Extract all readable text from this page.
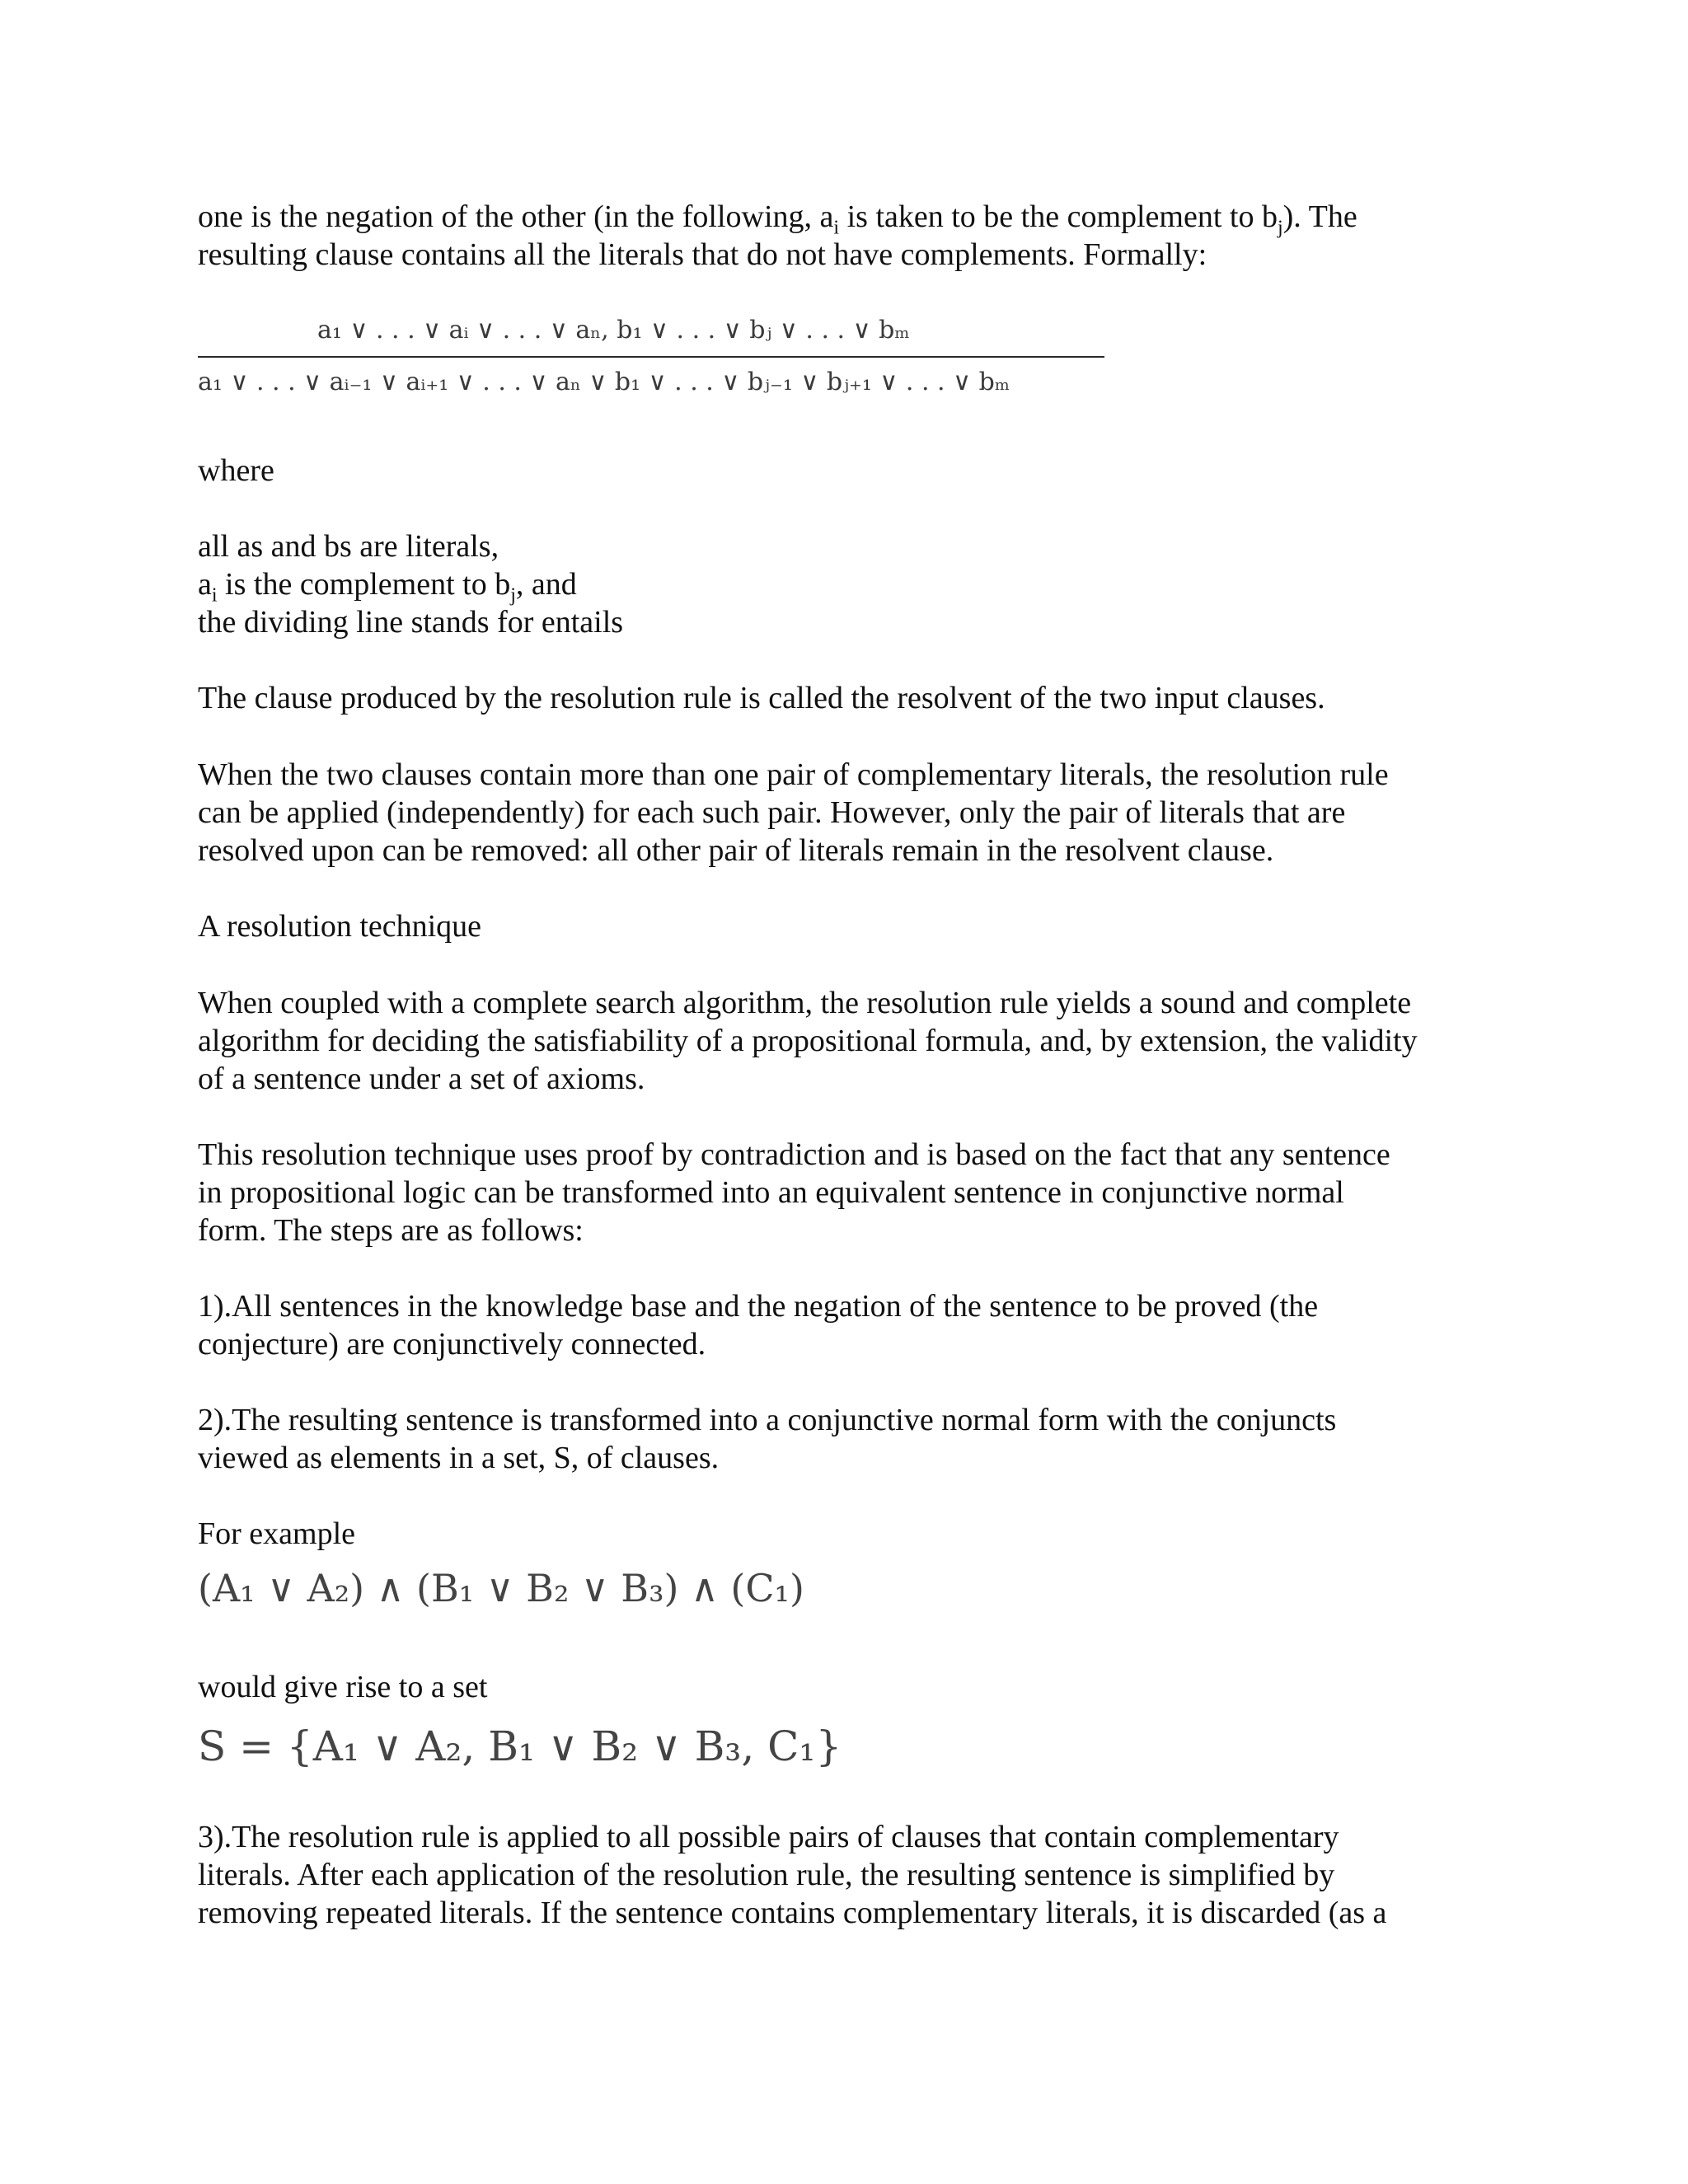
one is the negation of the other (in the following, $a_i$ is taken to be the complement to $b_j$). The
resulting clause contains all the literals that do not have complements. Formally:

a₁ ∨ . . . ∨ aᵢ ∨ . . . ∨ aₙ, b₁ ∨ . . . ∨ bⱼ ∨ . . . ∨ bₘ
a₁ ∨ . . . ∨ aᵢ₋₁ ∨ aᵢ₊₁ ∨ . . . ∨ aₙ ∨ b₁ ∨ . . . ∨ bⱼ₋₁ ∨ bⱼ₊₁ ∨ . . . ∨ bₘ

where

all as and bs are literals,
$a_i$ is the complement to $b_j$, and
the dividing line stands for entails

The clause produced by the resolution rule is called the resolvent of the two input clauses.

When the two clauses contain more than one pair of complementary literals, the resolution rule
can be applied (independently) for each such pair. However, only the pair of literals that are
resolved upon can be removed: all other pair of literals remain in the resolvent clause.

A resolution technique

When coupled with a complete search algorithm, the resolution rule yields a sound and complete
algorithm for deciding the satisfiability of a propositional formula, and, by extension, the validity
of a sentence under a set of axioms.

This resolution technique uses proof by contradiction and is based on the fact that any sentence
in propositional logic can be transformed into an equivalent sentence in conjunctive normal
form. The steps are as follows:

1).All sentences in the knowledge base and the negation of the sentence to be proved (the
conjecture) are conjunctively connected.

2).The resulting sentence is transformed into a conjunctive normal form with the conjuncts
viewed as elements in a set, S, of clauses.

For example

(A₁ ∨ A₂) ∧ (B₁ ∨ B₂ ∨ B₃) ∧ (C₁)

would give rise to a set

S = {A₁ ∨ A₂, B₁ ∨ B₂ ∨ B₃, C₁}

3).The resolution rule is applied to all possible pairs of clauses that contain complementary
literals. After each application of the resolution rule, the resulting sentence is simplified by
removing repeated literals. If the sentence contains complementary literals, it is discarded (as a
